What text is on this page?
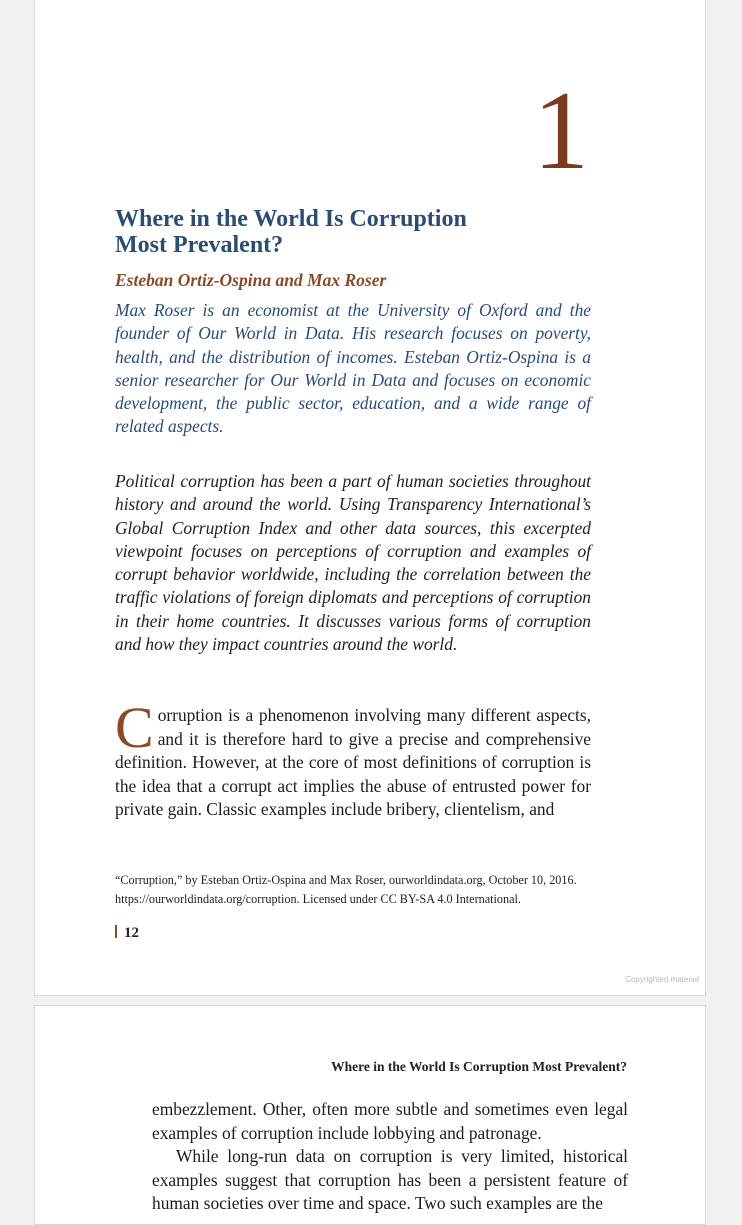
1
Where in the World Is Corruption
Most Prevalent?

Esteban Ortiz-Ospina and Max Roser

Max Roser is an economist at the University of Oxford and the founder of Our World in Data. His research focuses on poverty, health, and the distribution of incomes. Esteban Ortiz-Ospina is a senior researcher for Our World in Data and focuses on economic development, the public sector, education, and a wide range of related aspects.

Political corruption has been a part of human societies throughout history and around the world. Using Transparency International’s Global Corruption Index and other data sources, this excerpted viewpoint focuses on perceptions of corruption and examples of corrupt behavior worldwide, including the correlation between the traffic violations of foreign diplomats and perceptions of corruption in their home countries. It discusses various forms of corruption and how they impact countries around the world.

Corruption is a phenomenon involving many different aspects, and it is therefore hard to give a precise and comprehensive definition. However, at the core of most definitions of corruption is the idea that a corrupt act implies the abuse of entrusted power for private gain. Classic examples include bribery, clientelism, and

“Corruption,” by Esteban Ortiz-Ospina and Max Roser, ourworldindata.org, October 10, 2016. https://ourworldindata.org/corruption. Licensed under CC BY-SA 4.0 International.

12
Copyrighted material

Where in the World Is Corruption Most Prevalent?

embezzlement. Other, often more subtle and sometimes even legal examples of corruption include lobbying and patronage.
While long-run data on corruption is very limited, historical examples suggest that corruption has been a persistent feature of human societies over time and space. Two such examples are the
